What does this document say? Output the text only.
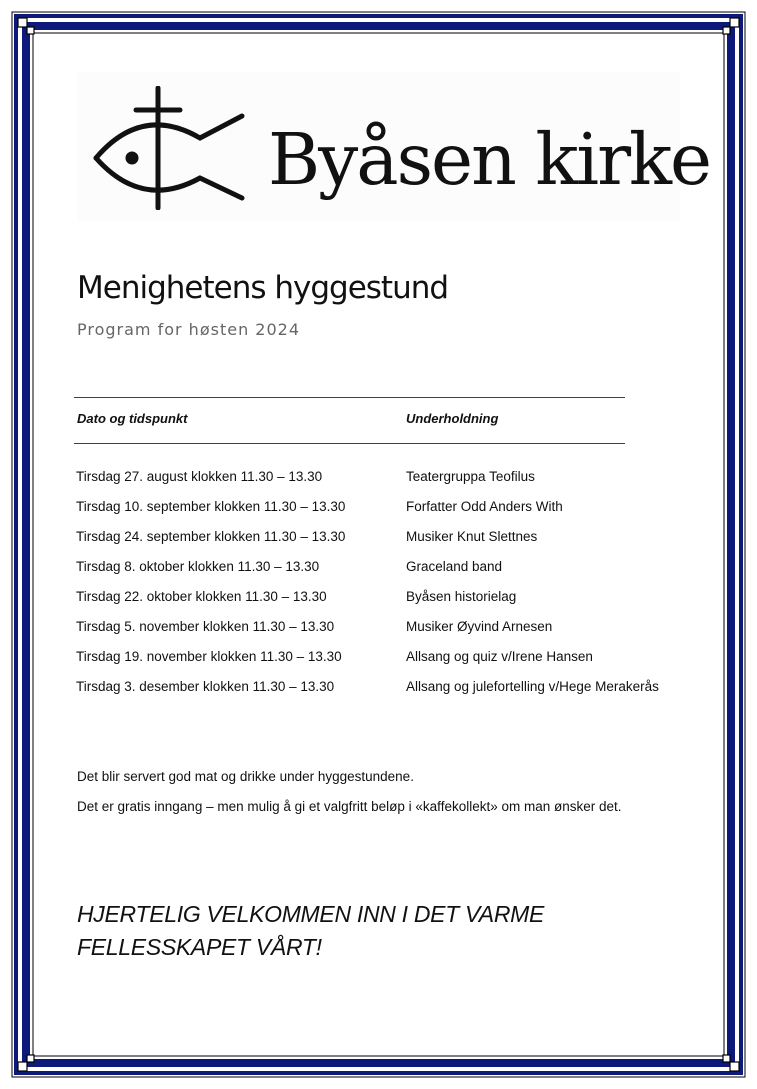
Byåsen kirke
Menighetens hyggestund
Program for høsten 2024
Dato og tidspunkt	Underholdning
Tirsdag 27. august klokken 11.30 – 13.30	Teatergruppa Teofilus
Tirsdag 10. september klokken 11.30 – 13.30	Forfatter Odd Anders With
Tirsdag 24. september klokken 11.30 – 13.30	Musiker Knut Slettnes
Tirsdag 8. oktober klokken 11.30 – 13.30	Graceland band
Tirsdag 22. oktober klokken 11.30 – 13.30	Byåsen historielag
Tirsdag 5. november klokken 11.30 – 13.30	Musiker Øyvind Arnesen
Tirsdag 19. november klokken 11.30 – 13.30	Allsang og quiz v/Irene Hansen
Tirsdag 3. desember klokken 11.30 – 13.30	Allsang og julefortelling v/Hege Merakerås
Det blir servert god mat og drikke under hyggestundene.
Det er gratis inngang – men mulig å gi et valgfritt beløp i «kaffekollekt» om man ønsker det.
HJERTELIG VELKOMMEN INN I DET VARME
FELLESSKAPET VÅRT!
